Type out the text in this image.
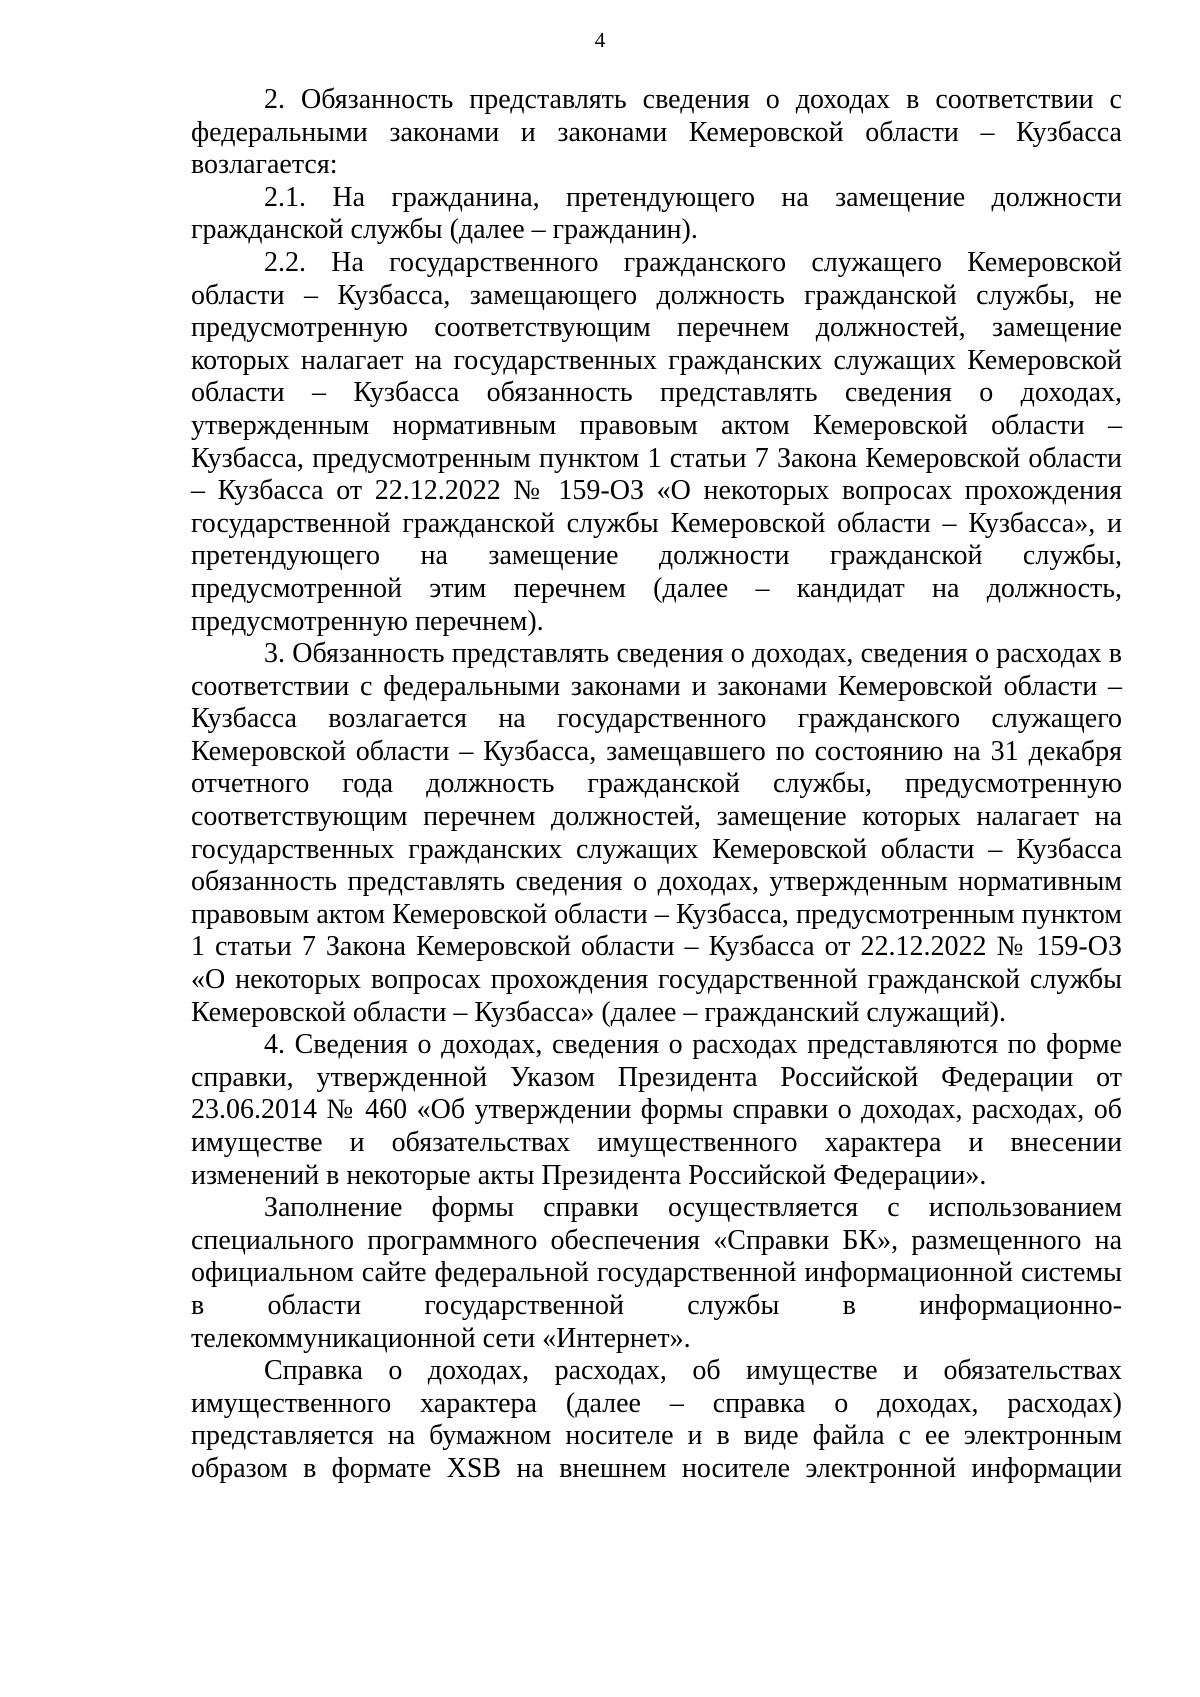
4

2. Обязанность представлять сведения о доходах в соответствии с федеральными законами и законами Кемеровской области – Кузбасса возлагается:

2.1. На гражданина, претендующего на замещение должности гражданской службы (далее – гражданин).

2.2. На государственного гражданского служащего Кемеровской области – Кузбасса, замещающего должность гражданской службы, не предусмотренную соответствующим перечнем должностей, замещение которых налагает на государственных гражданских служащих Кемеровской области – Кузбасса обязанность представлять сведения о доходах, утвержденным нормативным правовым актом Кемеровской области – Кузбасса, предусмотренным пунктом 1 статьи 7 Закона Кемеровской области – Кузбасса от 22.12.2022 № 159-ОЗ «О некоторых вопросах прохождения государственной гражданской службы Кемеровской области – Кузбасса», и претендующего на замещение должности гражданской службы, предусмотренной этим перечнем (далее – кандидат на должность, предусмотренную перечнем).

3. Обязанность представлять сведения о доходах, сведения о расходах в соответствии с федеральными законами и законами Кемеровской области – Кузбасса возлагается на государственного гражданского служащего Кемеровской области – Кузбасса, замещавшего по состоянию на 31 декабря отчетного года должность гражданской службы, предусмотренную соответствующим перечнем должностей, замещение которых налагает на государственных гражданских служащих Кемеровской области – Кузбасса обязанность представлять сведения о доходах, утвержденным нормативным правовым актом Кемеровской области – Кузбасса, предусмотренным пунктом 1 статьи 7 Закона Кемеровской области – Кузбасса от 22.12.2022 № 159-ОЗ «О некоторых вопросах прохождения государственной гражданской службы Кемеровской области – Кузбасса» (далее – гражданский служащий).

4. Сведения о доходах, сведения о расходах представляются по форме справки, утвержденной Указом Президента Российской Федерации от 23.06.2014 № 460 «Об утверждении формы справки о доходах, расходах, об имуществе и обязательствах имущественного характера и внесении изменений в некоторые акты Президента Российской Федерации».

Заполнение формы справки осуществляется с использованием специального программного обеспечения «Справки БК», размещенного на официальном сайте федеральной государственной информационной системы в области государственной службы в информационно-телекоммуникационной сети «Интернет».

Справка о доходах, расходах, об имуществе и обязательствах имущественного характера (далее – справка о доходах, расходах) представляется на бумажном носителе и в виде файла с ее электронным образом в формате XSB на внешнем носителе электронной информации
